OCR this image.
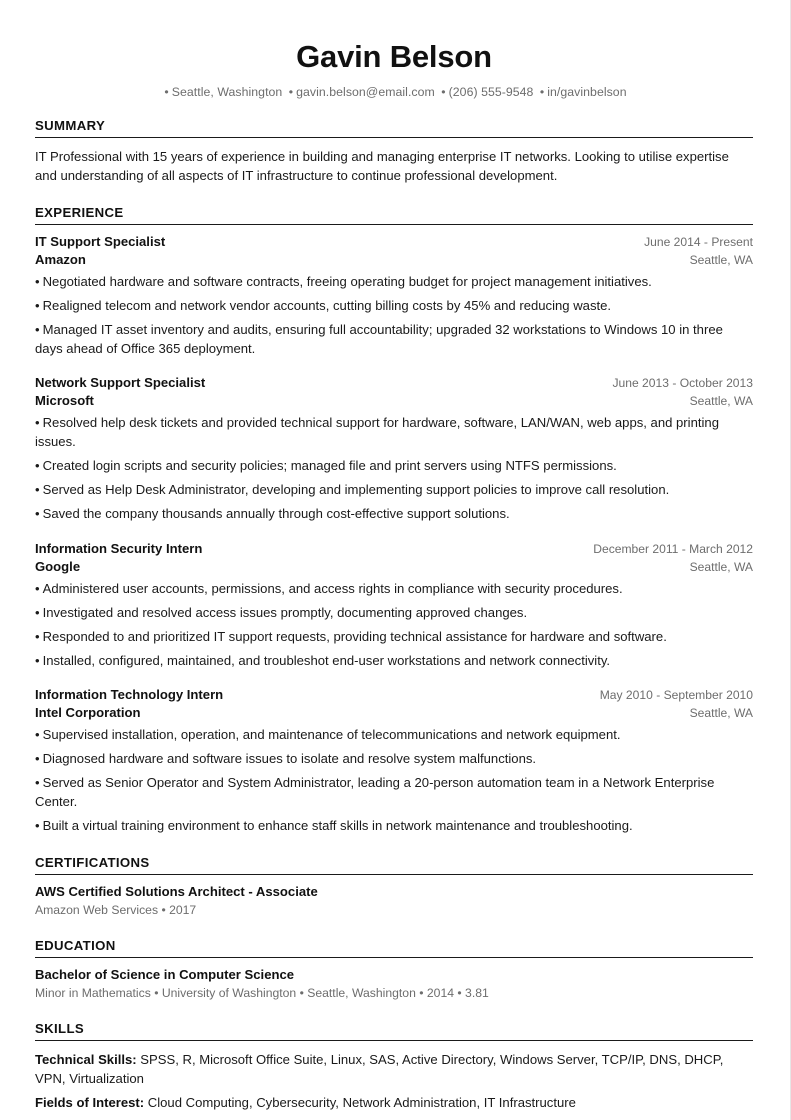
Gavin Belson
• Seattle, Washington • gavin.belson@email.com • (206) 555-9548 • in/gavinbelson
SUMMARY
IT Professional with 15 years of experience in building and managing enterprise IT networks. Looking to utilise expertise and understanding of all aspects of IT infrastructure to continue professional development.
EXPERIENCE
IT Support Specialist	June 2014 - Present
Amazon	Seattle, WA
• Negotiated hardware and software contracts, freeing operating budget for project management initiatives.
• Realigned telecom and network vendor accounts, cutting billing costs by 45% and reducing waste.
• Managed IT asset inventory and audits, ensuring full accountability; upgraded 32 workstations to Windows 10 in three days ahead of Office 365 deployment.
Network Support Specialist	June 2013 - October 2013
Microsoft	Seattle, WA
• Resolved help desk tickets and provided technical support for hardware, software, LAN/WAN, web apps, and printing issues.
• Created login scripts and security policies; managed file and print servers using NTFS permissions.
• Served as Help Desk Administrator, developing and implementing support policies to improve call resolution.
• Saved the company thousands annually through cost-effective support solutions.
Information Security Intern	December 2011 - March 2012
Google	Seattle, WA
• Administered user accounts, permissions, and access rights in compliance with security procedures.
• Investigated and resolved access issues promptly, documenting approved changes.
• Responded to and prioritized IT support requests, providing technical assistance for hardware and software.
• Installed, configured, maintained, and troubleshot end-user workstations and network connectivity.
Information Technology Intern	May 2010 - September 2010
Intel Corporation	Seattle, WA
• Supervised installation, operation, and maintenance of telecommunications and network equipment.
• Diagnosed hardware and software issues to isolate and resolve system malfunctions.
• Served as Senior Operator and System Administrator, leading a 20-person automation team in a Network Enterprise Center.
• Built a virtual training environment to enhance staff skills in network maintenance and troubleshooting.
CERTIFICATIONS
AWS Certified Solutions Architect - Associate
Amazon Web Services • 2017
EDUCATION
Bachelor of Science in Computer Science
Minor in Mathematics • University of Washington • Seattle, Washington • 2014 • 3.81
SKILLS
Technical Skills: SPSS, R, Microsoft Office Suite, Linux, SAS, Active Directory, Windows Server, TCP/IP, DNS, DHCP, VPN, Virtualization
Fields of Interest: Cloud Computing, Cybersecurity, Network Administration, IT Infrastructure
